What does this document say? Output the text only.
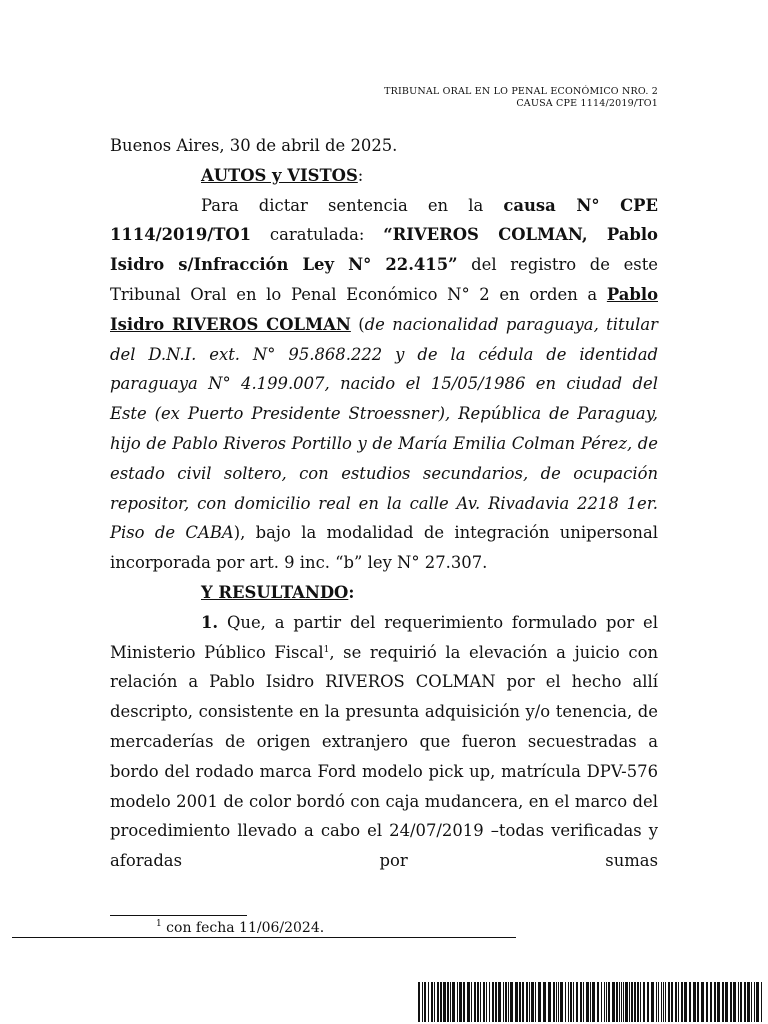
TRIBUNAL ORAL EN LO PENAL ECONÓMICO NRO. 2
CAUSA CPE 1114/2019/TO1

Buenos Aires, 30 de abril de 2025.

AUTOS y VISTOS:

Para dictar sentencia en la causa N° CPE 1114/2019/TO1 caratulada: “RIVEROS COLMAN, Pablo Isidro s/Infracción Ley N° 22.415” del registro de este Tribunal Oral en lo Penal Económico N° 2 en orden a Pablo Isidro RIVEROS COLMAN (de nacionalidad paraguaya, titular del D.N.I. ext. N° 95.868.222 y de la cédula de identidad paraguaya N° 4.199.007, nacido el 15/05/1986 en ciudad del Este (ex Puerto Presidente Stroessner), República de Paraguay, hijo de Pablo Riveros Portillo y de María Emilia Colman Pérez, de estado civil soltero, con estudios secundarios, de ocupación repositor, con domicilio real en la calle Av. Rivadavia 2218 1er. Piso de CABA), bajo la modalidad de integración unipersonal incorporada por art. 9 inc. “b” ley N° 27.307.

Y RESULTANDO:

1. Que, a partir del requerimiento formulado por el Ministerio Público Fiscal$^1$, se requirió la elevación a juicio con relación a Pablo Isidro RIVEROS COLMAN por el hecho allí descripto, consistente en la presunta adquisición y/o tenencia, de mercaderías de origen extranjero que fueron secuestradas a bordo del rodado marca Ford modelo pick up, matrícula DPV-576 modelo 2001 de color bordó con caja mudancera, en el marco del procedimiento llevado a cabo el 24/07/2019 –todas verificadas y aforadas por sumas

$^1$ con fecha 11/06/2024.
